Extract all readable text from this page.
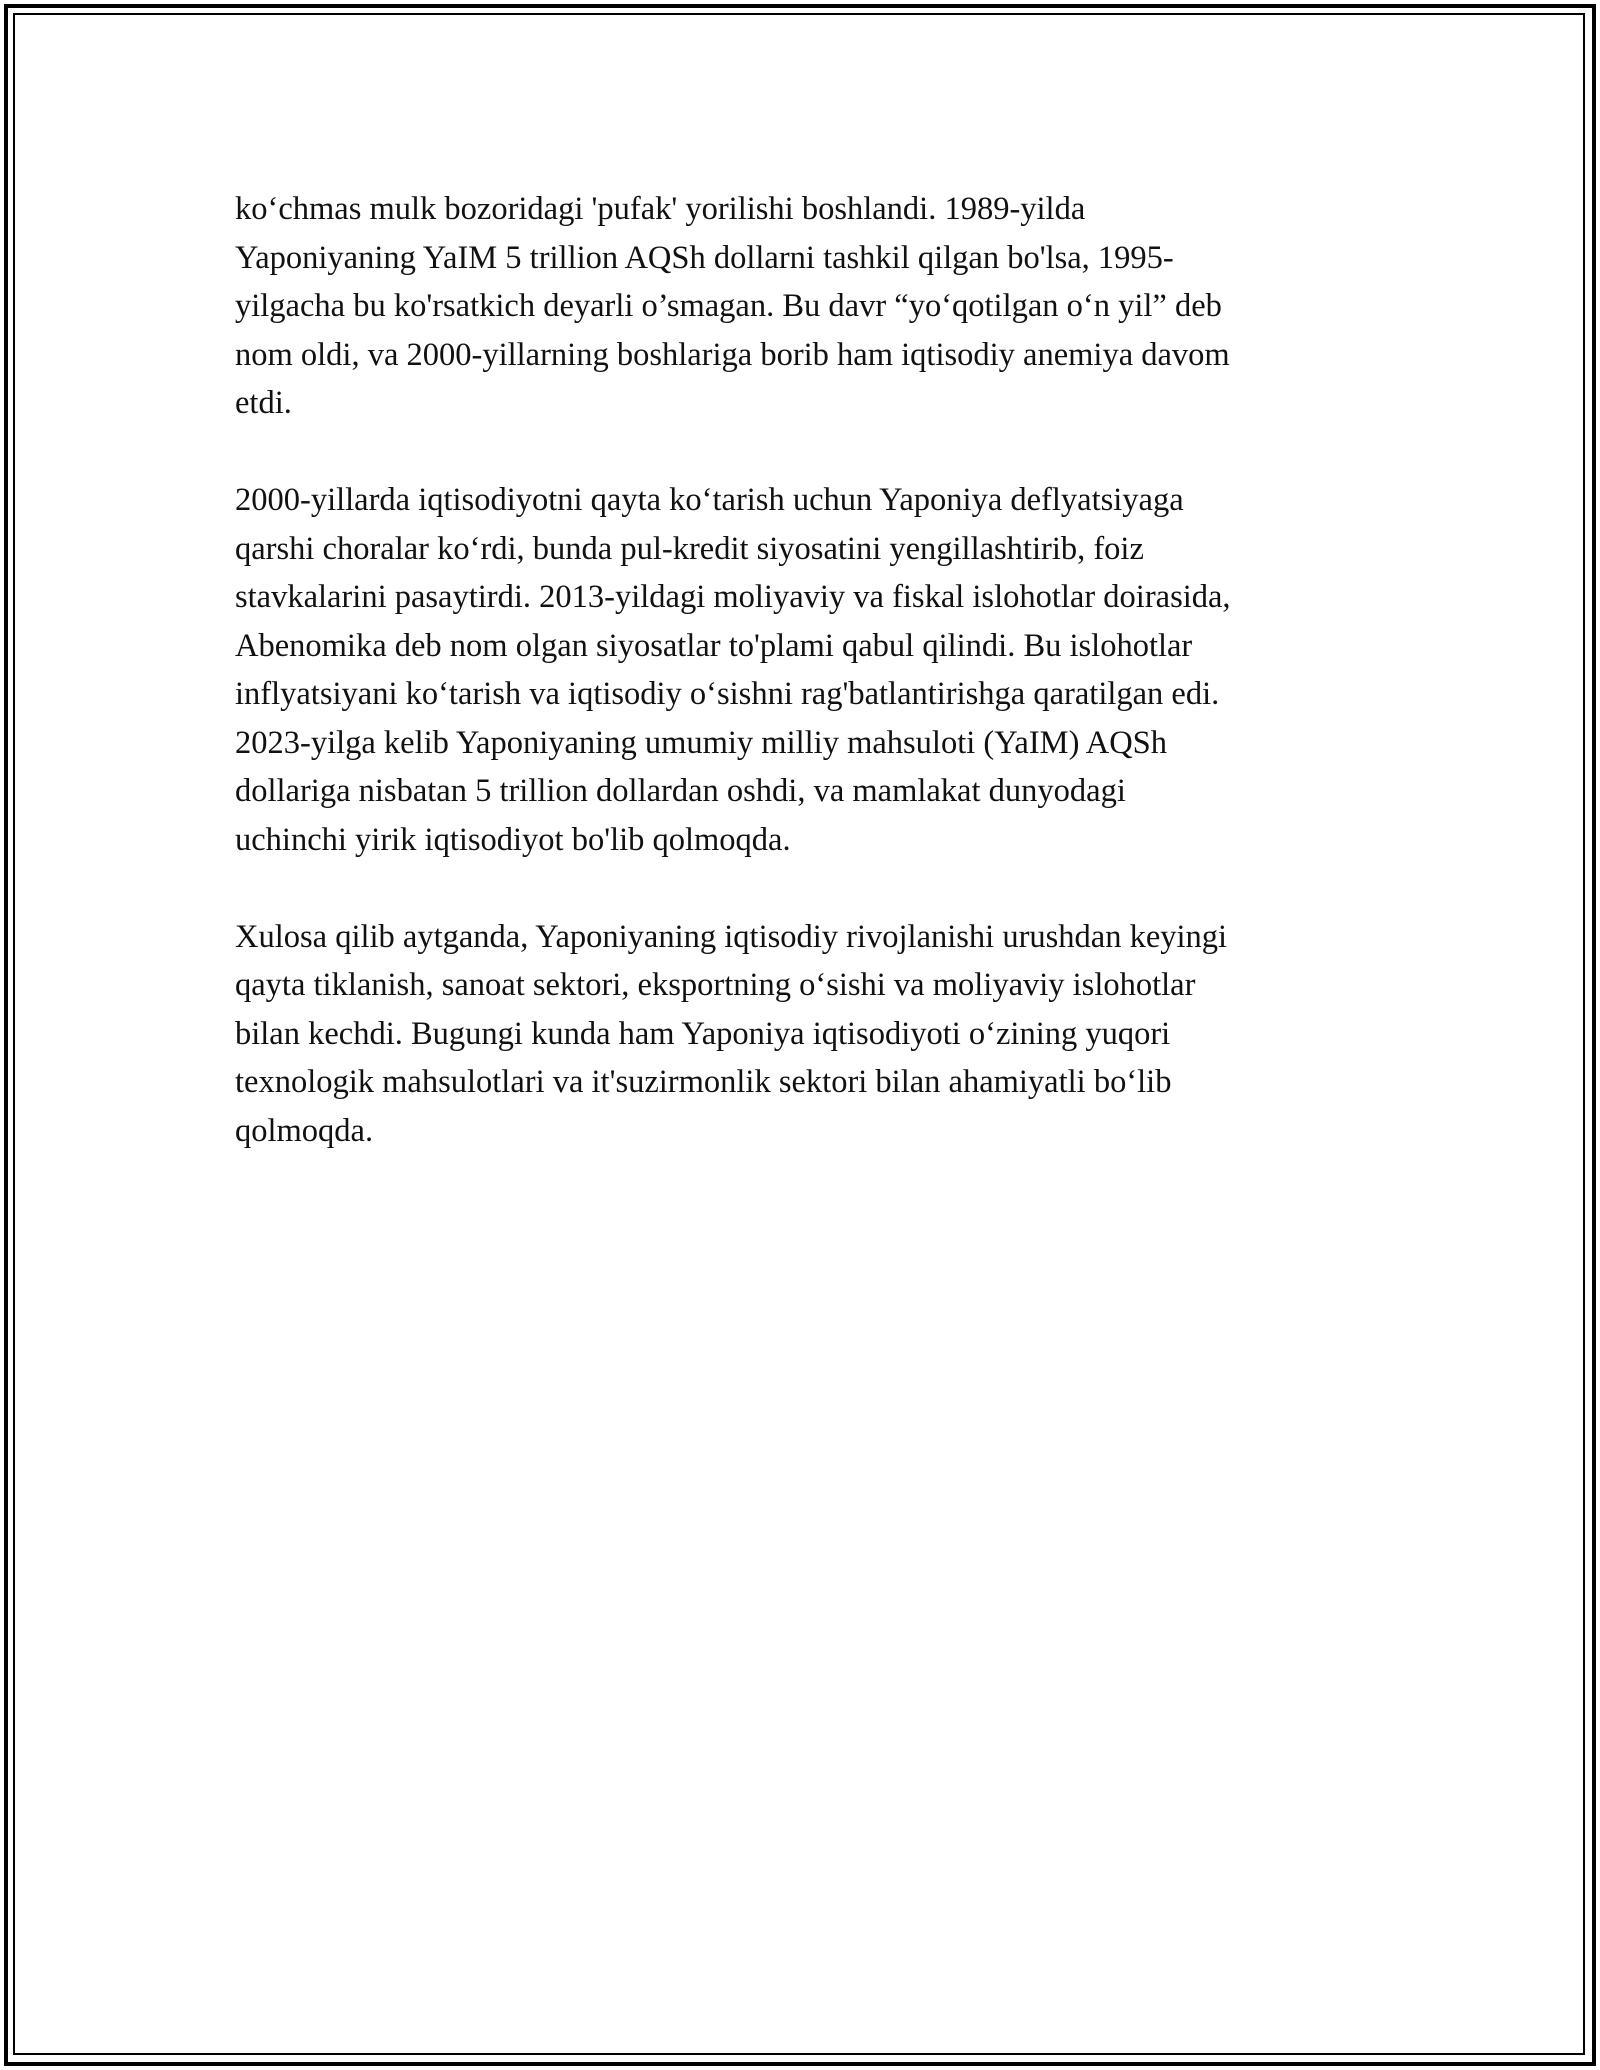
ko‘chmas mulk bozoridagi 'pufak' yorilishi boshlandi. 1989-yilda
Yaponiyaning YaIM 5 trillion AQSh dollarni tashkil qilgan bo'lsa, 1995-
yilgacha bu ko'rsatkich deyarli o’smagan. Bu davr “yo‘qotilgan o‘n yil” deb
nom oldi, va 2000-yillarning boshlariga borib ham iqtisodiy anemiya davom
etdi.

2000-yillarda iqtisodiyotni qayta ko‘tarish uchun Yaponiya deflyatsiyaga
qarshi choralar ko‘rdi, bunda pul-kredit siyosatini yengillashtirib, foiz
stavkalarini pasaytirdi. 2013-yildagi moliyaviy va fiskal islohotlar doirasida,
Abenomika deb nom olgan siyosatlar to'plami qabul qilindi. Bu islohotlar
inflyatsiyani ko‘tarish va iqtisodiy o‘sishni rag'batlantirishga qaratilgan edi.
2023-yilga kelib Yaponiyaning umumiy milliy mahsuloti (YaIM) AQSh
dollariga nisbatan 5 trillion dollardan oshdi, va mamlakat dunyodagi
uchinchi yirik iqtisodiyot bo'lib qolmoqda.

Xulosa qilib aytganda, Yaponiyaning iqtisodiy rivojlanishi urushdan keyingi
qayta tiklanish, sanoat sektori, eksportning o‘sishi va moliyaviy islohotlar
bilan kechdi. Bugungi kunda ham Yaponiya iqtisodiyoti o‘zining yuqori
texnologik mahsulotlari va it'suzirmonlik sektori bilan ahamiyatli bo‘lib
qolmoqda.
